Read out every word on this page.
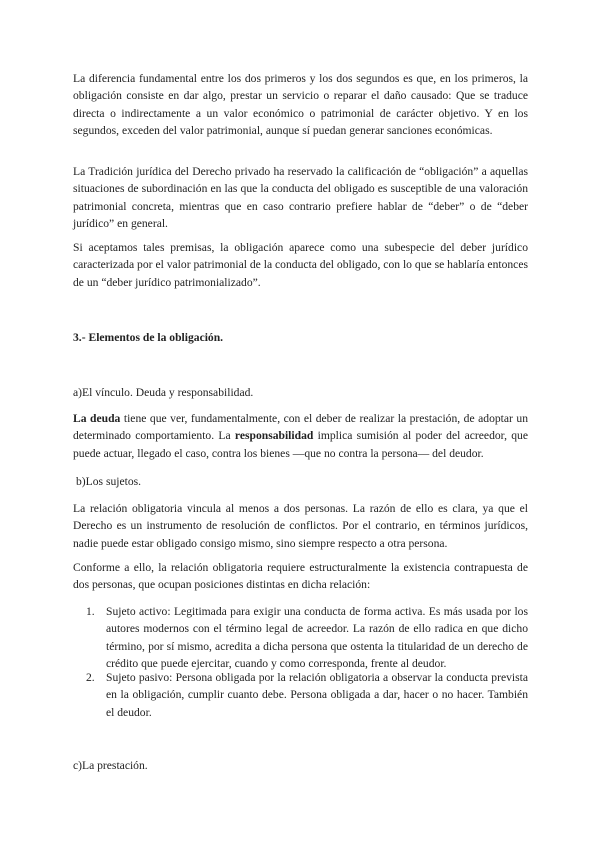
La diferencia fundamental entre los dos primeros y los dos segundos es que, en los primeros, la obligación consiste en dar algo, prestar un servicio o reparar el daño causado: Que se traduce directa o indirectamente a un valor económico o patrimonial de carácter objetivo. Y en los segundos, exceden del valor patrimonial, aunque sí puedan generar sanciones económicas.

La Tradición jurídica del Derecho privado ha reservado la calificación de “obligación” a aquellas situaciones de subordinación en las que la conducta del obligado es susceptible de una valoración patrimonial concreta, mientras que en caso contrario prefiere hablar de “deber” o de “deber jurídico” en general.

Si aceptamos tales premisas, la obligación aparece como una subespecie del deber jurídico caracterizada por el valor patrimonial de la conducta del obligado, con lo que se hablaría entonces de un “deber jurídico patrimonializado”.

3.- Elementos de la obligación.

a)El vínculo. Deuda y responsabilidad.

La deuda tiene que ver, fundamentalmente, con el deber de realizar la prestación, de adoptar un determinado comportamiento. La responsabilidad implica sumisión al poder del acreedor, que puede actuar, llegado el caso, contra los bienes —que no contra la persona— del deudor.

b)Los sujetos.

La relación obligatoria vincula al menos a dos personas. La razón de ello es clara, ya que el Derecho es un instrumento de resolución de conflictos. Por el contrario, en términos jurídicos, nadie puede estar obligado consigo mismo, sino siempre respecto a otra persona.

Conforme a ello, la relación obligatoria requiere estructuralmente la existencia contrapuesta de dos personas, que ocupan posiciones distintas en dicha relación:

1. Sujeto activo: Legitimada para exigir una conducta de forma activa. Es más usada por los autores modernos con el término legal de acreedor. La razón de ello radica en que dicho término, por sí mismo, acredita a dicha persona que ostenta la titularidad de un derecho de crédito que puede ejercitar, cuando y como corresponda, frente al deudor.
2. Sujeto pasivo: Persona obligada por la relación obligatoria a observar la conducta prevista en la obligación, cumplir cuanto debe. Persona obligada a dar, hacer o no hacer. También el deudor.

c)La prestación.
